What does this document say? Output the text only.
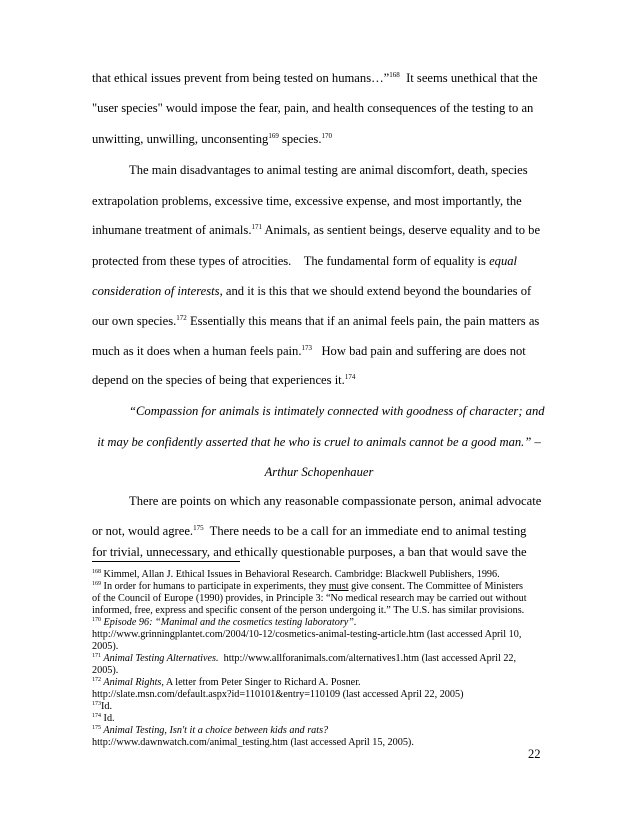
that ethical issues prevent from being tested on humans…”$^{168}$  It seems unethical that the
"user species" would impose the fear, pain, and health consequences of the testing to an
unwitting, unwilling, unconsenting$^{169}$ species.$^{170}$
The main disadvantages to animal testing are animal discomfort, death, species
extrapolation problems, excessive time, excessive expense, and most importantly, the
inhumane treatment of animals.$^{171}$ Animals, as sentient beings, deserve equality and to be
protected from these types of atrocities.    The fundamental form of equality is equal
consideration of interests, and it is this that we should extend beyond the boundaries of
our own species.$^{172}$ Essentially this means that if an animal feels pain, the pain matters as
much as it does when a human feels pain.$^{173}$   How bad pain and suffering are does not
depend on the species of being that experiences it.$^{174}$
“Compassion for animals is intimately connected with goodness of character; and
it may be confidently asserted that he who is cruel to animals cannot be a good man.” –
Arthur Schopenhauer
There are points on which any reasonable compassionate person, animal advocate
or not, would agree.$^{175}$  There needs to be a call for an immediate end to animal testing
for trivial, unnecessary, and ethically questionable purposes, a ban that would save the
$^{168}$ Kimmel, Allan J. Ethical Issues in Behavioral Research. Cambridge: Blackwell Publishers, 1996.
$^{169}$ In order for humans to participate in experiments, they must give consent. The Committee of Ministers
of the Council of Europe (1990) provides, in Principle 3: “No medical research may be carried out without
informed, free, express and specific consent of the person undergoing it.” The U.S. has similar provisions.
$^{170}$ Episode 96: “Manimal and the cosmetics testing laboratory”.
http://www.grinningplantet.com/2004/10-12/cosmetics-animal-testing-article.htm (last accessed April 10,
2005).
$^{171}$ Animal Testing Alternatives.  http://www.allforanimals.com/alternatives1.htm (last accessed April 22,
2005).
$^{172}$ Animal Rights, A letter from Peter Singer to Richard A. Posner.
http://slate.msn.com/default.aspx?id=110101&entry=110109 (last accessed April 22, 2005)
$^{173}$Id.
$^{174}$ Id.
$^{175}$ Animal Testing, Isn't it a choice between kids and rats?
http://www.dawnwatch.com/animal_testing.htm (last accessed April 15, 2005).
22
